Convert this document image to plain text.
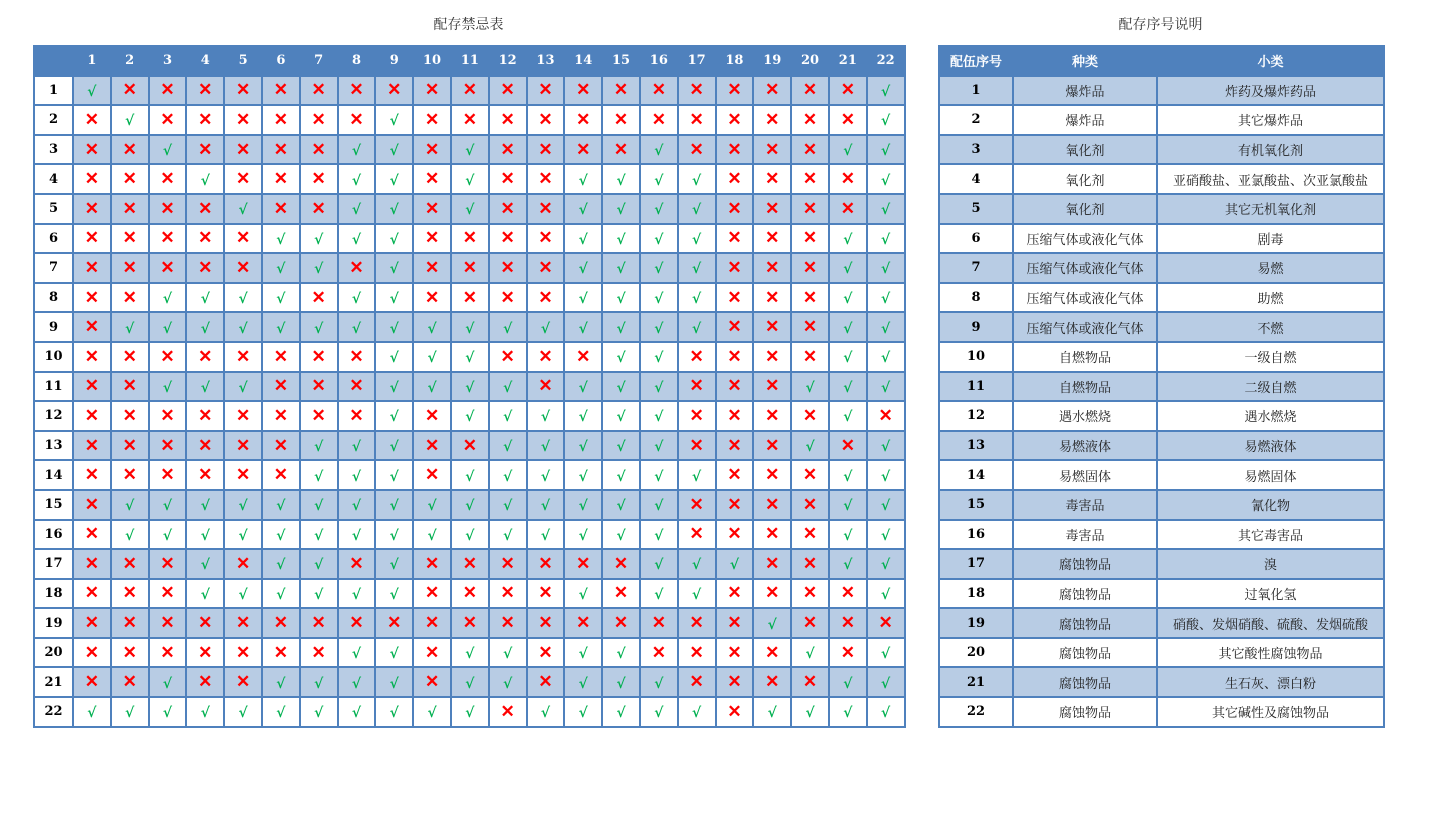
配存禁忌表	配存序号说明
	1	2	3	4	5	6	7	8	9	10	11	12	13	14	15	16	17	18	19	20	21	22
1	√	✕	✕	✕	✕	✕	✕	✕	✕	✕	✕	✕	✕	✕	✕	✕	✕	✕	✕	✕	✕	√
2	✕	√	✕	✕	✕	✕	✕	✕	√	✕	✕	✕	✕	✕	✕	✕	✕	✕	✕	✕	✕	√
3	✕	✕	√	✕	✕	✕	✕	√	√	✕	√	✕	✕	✕	✕	√	✕	✕	✕	✕	√	√
4	✕	✕	✕	√	✕	✕	✕	√	√	✕	√	✕	✕	√	√	√	√	✕	✕	✕	✕	√
5	✕	✕	✕	✕	√	✕	✕	√	√	✕	√	✕	✕	√	√	√	√	✕	✕	✕	✕	√
6	✕	✕	✕	✕	✕	√	√	√	√	✕	✕	✕	✕	√	√	√	√	✕	✕	✕	√	√
7	✕	✕	✕	✕	✕	√	√	✕	√	✕	✕	✕	✕	√	√	√	√	✕	✕	✕	√	√
8	✕	✕	√	√	√	√	✕	√	√	✕	✕	✕	✕	√	√	√	√	✕	✕	✕	√	√
9	✕	√	√	√	√	√	√	√	√	√	√	√	√	√	√	√	√	✕	✕	✕	√	√
10	✕	✕	✕	✕	✕	✕	✕	✕	√	√	√	✕	✕	✕	√	√	✕	✕	✕	✕	√	√
11	✕	✕	√	√	√	✕	✕	✕	√	√	√	√	✕	√	√	√	✕	✕	✕	√	√	√
12	✕	✕	✕	✕	✕	✕	✕	✕	√	✕	√	√	√	√	√	√	✕	✕	✕	✕	√	✕
13	✕	✕	✕	✕	✕	✕	√	√	√	✕	✕	√	√	√	√	√	✕	✕	✕	√	✕	√
14	✕	✕	✕	✕	✕	✕	√	√	√	✕	√	√	√	√	√	√	√	✕	✕	✕	√	√
15	✕	√	√	√	√	√	√	√	√	√	√	√	√	√	√	√	✕	✕	✕	✕	√	√
16	✕	√	√	√	√	√	√	√	√	√	√	√	√	√	√	√	✕	✕	✕	✕	√	√
17	✕	✕	✕	√	✕	√	√	✕	√	✕	✕	✕	✕	✕	✕	√	√	√	✕	✕	√	√
18	✕	✕	✕	√	√	√	√	√	√	✕	✕	✕	✕	√	✕	√	√	✕	✕	✕	✕	√
19	✕	✕	✕	✕	✕	✕	✕	✕	✕	✕	✕	✕	✕	✕	✕	✕	✕	✕	√	✕	✕	✕
20	✕	✕	✕	✕	✕	✕	✕	√	√	✕	√	√	✕	√	√	✕	✕	✕	✕	√	✕	√
21	✕	✕	√	✕	✕	√	√	√	√	✕	√	√	✕	√	√	√	✕	✕	✕	✕	√	√
22	√	√	√	√	√	√	√	√	√	√	√	✕	√	√	√	√	√	✕	√	√	√	√
配伍序号	种类	小类
1	爆炸品	炸药及爆炸药品
2	爆炸品	其它爆炸品
3	氧化剂	有机氧化剂
4	氧化剂	亚硝酸盐、亚氯酸盐、次亚氯酸盐
5	氧化剂	其它无机氧化剂
6	压缩气体或液化气体	剧毒
7	压缩气体或液化气体	易燃
8	压缩气体或液化气体	助燃
9	压缩气体或液化气体	不燃
10	自燃物品	一级自燃
11	自燃物品	二级自燃
12	遇水燃烧	遇水燃烧
13	易燃液体	易燃液体
14	易燃固体	易燃固体
15	毒害品	氰化物
16	毒害品	其它毒害品
17	腐蚀物品	溴
18	腐蚀物品	过氧化氢
19	腐蚀物品	硝酸、发烟硝酸、硫酸、发烟硫酸
20	腐蚀物品	其它酸性腐蚀物品
21	腐蚀物品	生石灰、漂白粉
22	腐蚀物品	其它碱性及腐蚀物品
